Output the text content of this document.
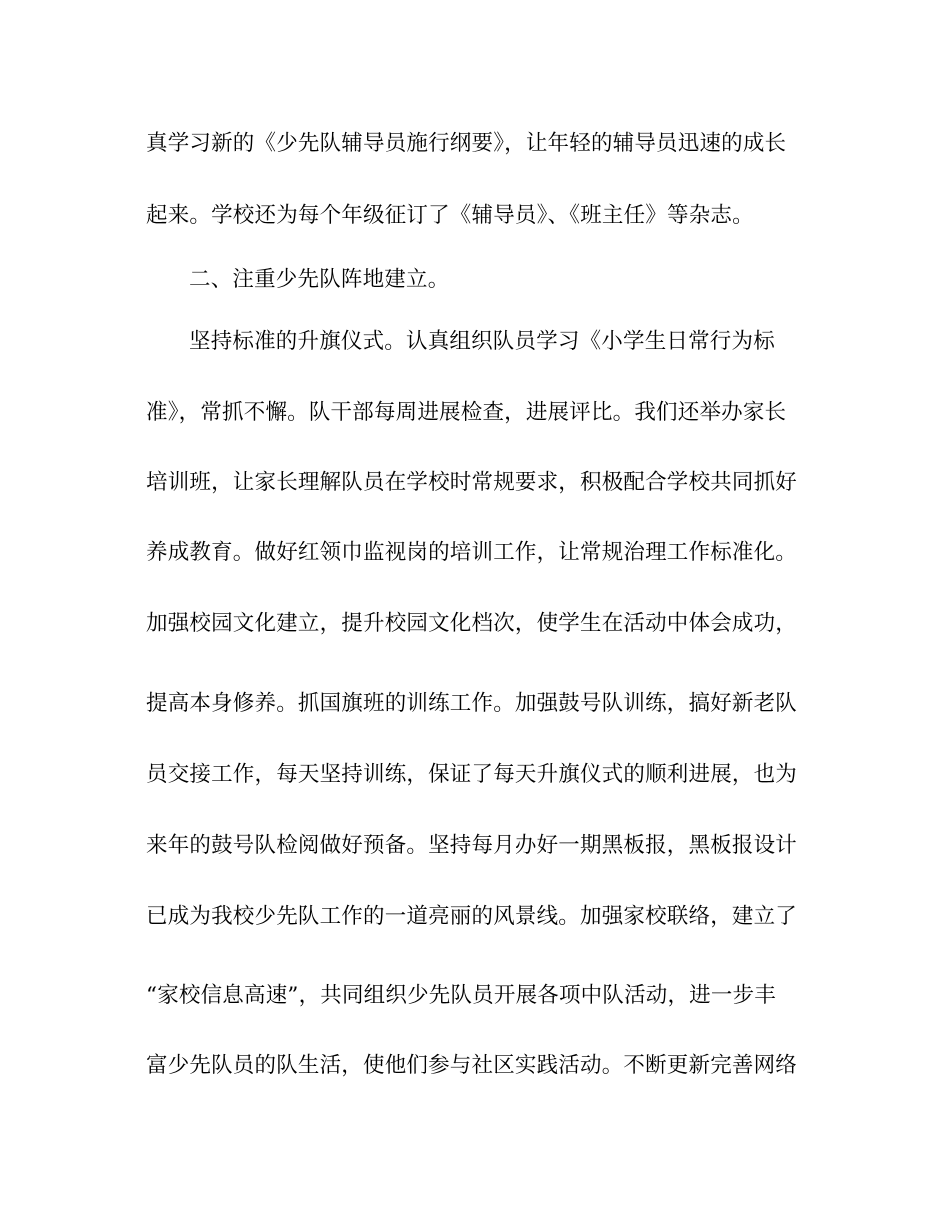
真学习新的《少先队辅导员施行纲要》，让年轻的辅导员迅速的成长
起来。学校还为每个年级征订了《辅导员》、《班主任》等杂志。
二、注重少先队阵地建立。
坚持标准的升旗仪式。认真组织队员学习《小学生日常行为标
准》，常抓不懈。队干部每周进展检查，进展评比。我们还举办家长
培训班，让家长理解队员在学校时常规要求，积极配合学校共同抓好
养成教育。做好红领巾监视岗的培训工作，让常规治理工作标准化。
加强校园文化建立，提升校园文化档次，使学生在活动中体会成功，
提高本身修养。抓国旗班的训练工作。加强鼓号队训练，搞好新老队
员交接工作，每天坚持训练，保证了每天升旗仪式的顺利进展，也为
来年的鼓号队检阅做好预备。坚持每月办好一期黑板报，黑板报设计
已成为我校少先队工作的一道亮丽的风景线。加强家校联络，建立了
“家校信息高速”，共同组织少先队员开展各项中队活动，进一步丰
富少先队员的队生活，使他们参与社区实践活动。不断更新完善网络
